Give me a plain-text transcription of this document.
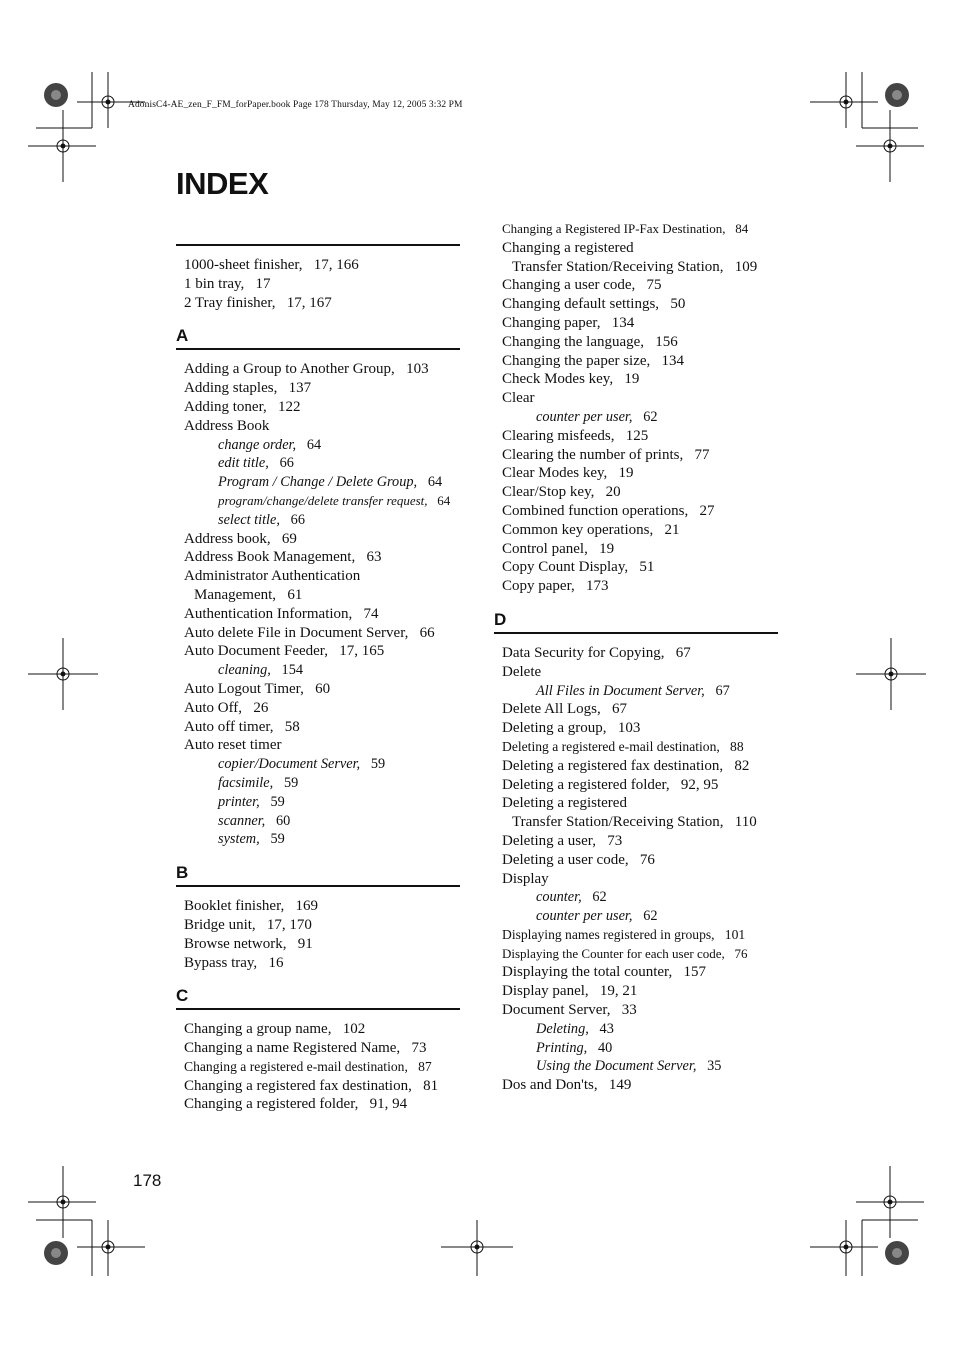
AdonisC4-AE_zen_F_FM_forPaper.book Page 178 Thursday, May 12, 2005 3:32 PM
INDEX
1000-sheet finisher,  17, 166
1 bin tray,  17
2 Tray finisher,  17, 167
A
Adding a Group to Another Group,  103
Adding staples,  137
Adding toner,  122
Address Book
change order,  64
edit title,  66
Program / Change / Delete Group,  64
program/change/delete transfer request,  64
select title,  66
Address book,  69
Address Book Management,  63
Administrator Authentication
Management,  61
Authentication Information,  74
Auto delete File in Document Server,  66
Auto Document Feeder,  17, 165
cleaning,  154
Auto Logout Timer,  60
Auto Off,  26
Auto off timer,  58
Auto reset timer
copier/Document Server,  59
facsimile,  59
printer,  59
scanner,  60
system,  59
B
Booklet finisher,  169
Bridge unit,  17, 170
Browse network,  91
Bypass tray,  16
C
Changing a group name,  102
Changing a name Registered Name,  73
Changing a registered e-mail destination,  87
Changing a registered fax destination,  81
Changing a registered folder,  91, 94
Changing a Registered IP-Fax Destination,  84
Changing a registered
Transfer Station/Receiving Station,  109
Changing a user code,  75
Changing default settings,  50
Changing paper,  134
Changing the language,  156
Changing the paper size,  134
Check Modes key,  19
Clear
counter per user,  62
Clearing misfeeds,  125
Clearing the number of prints,  77
Clear Modes key,  19
Clear/Stop key,  20
Combined function operations,  27
Common key operations,  21
Control panel,  19
Copy Count Display,  51
Copy paper,  173
D
Data Security for Copying,  67
Delete
All Files in Document Server,  67
Delete All Logs,  67
Deleting a group,  103
Deleting a registered e-mail destination,  88
Deleting a registered fax destination,  82
Deleting a registered folder,  92, 95
Deleting a registered
Transfer Station/Receiving Station,  110
Deleting a user,  73
Deleting a user code,  76
Display
counter,  62
counter per user,  62
Displaying names registered in groups,  101
Displaying the Counter for each user code,  76
Displaying the total counter,  157
Display panel,  19, 21
Document Server,  33
Deleting,  43
Printing,  40
Using the Document Server,  35
Dos and Don'ts,  149
178
